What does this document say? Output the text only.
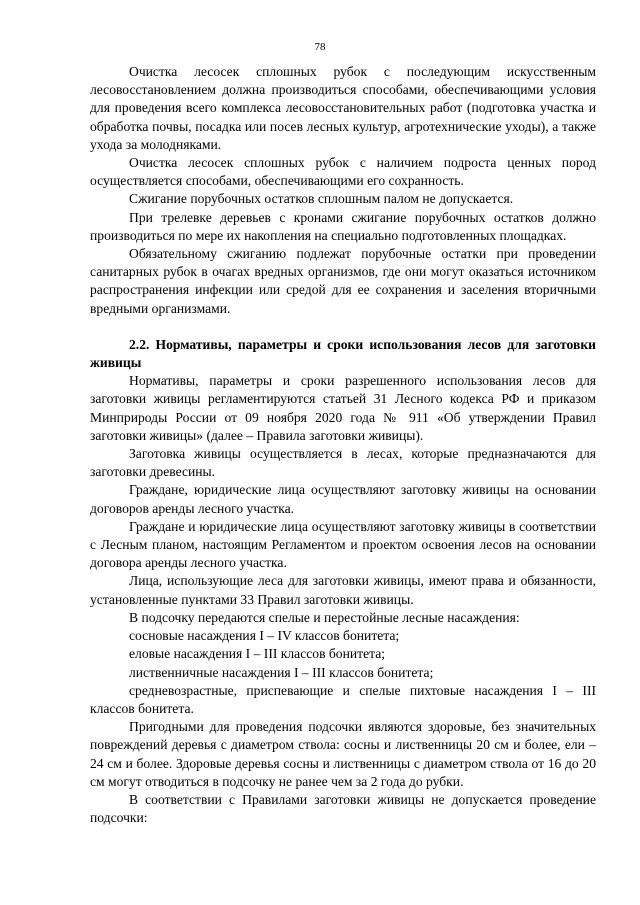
78

Очистка лесосек сплошных рубок с последующим искусственным лесовосстановлением должна производиться способами, обеспечивающими условия для проведения всего комплекса лесовосстановительных работ (подготовка участка и обработка почвы, посадка или посев лесных культур, агротехнические уходы), а также ухода за молодняками.

Очистка лесосек сплошных рубок с наличием подроста ценных пород осуществляется способами, обеспечивающими его сохранность.

Сжигание порубочных остатков сплошным палом не допускается.

При трелевке деревьев с кронами сжигание порубочных остатков должно производиться по мере их накопления на специально подготовленных площадках.

Обязательному сжиганию подлежат порубочные остатки при проведении санитарных рубок в очагах вредных организмов, где они могут оказаться источником распространения инфекции или средой для ее сохранения и заселения вторичными вредными организмами.

2.2. Нормативы, параметры и сроки использования лесов для заготовки живицы

Нормативы, параметры и сроки разрешенного использования лесов для заготовки живицы регламентируются статьей 31 Лесного кодекса РФ и приказом Минприроды России от 09 ноября 2020 года № 911 «Об утверждении Правил заготовки живицы» (далее – Правила заготовки живицы).

Заготовка живицы осуществляется в лесах, которые предназначаются для заготовки древесины.

Граждане, юридические лица осуществляют заготовку живицы на основании договоров аренды лесного участка.

Граждане и юридические лица осуществляют заготовку живицы в соответствии с Лесным планом, настоящим Регламентом и проектом освоения лесов на основании договора аренды лесного участка.

Лица, использующие леса для заготовки живицы, имеют права и обязанности, установленные пунктами 33 Правил заготовки живицы.

В подсочку передаются спелые и перестойные лесные насаждения:

сосновые насаждения I – IV классов бонитета;

еловые насаждения I – III классов бонитета;

лиственничные насаждения I – III классов бонитета;

средневозрастные, приспевающие и спелые пихтовые насаждения I – III классов бонитета.

Пригодными для проведения подсочки являются здоровые, без значительных повреждений деревья с диаметром ствола: сосны и лиственницы 20 см и более, ели – 24 см и более. Здоровые деревья сосны и лиственницы с диаметром ствола от 16 до 20 см могут отводиться в подсочку не ранее чем за 2 года до рубки.

В соответствии с Правилами заготовки живицы не допускается проведение подсочки:
